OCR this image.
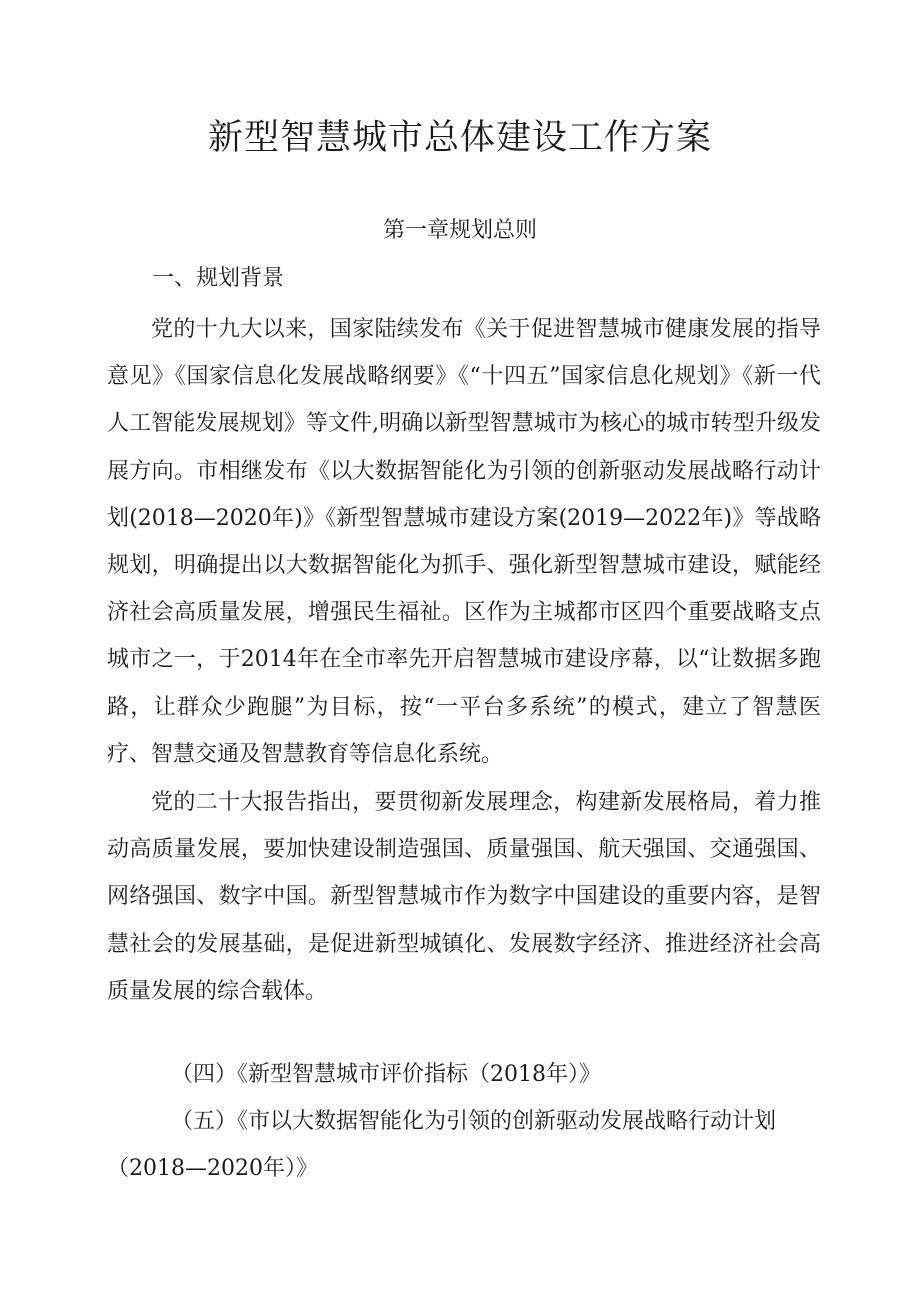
新型智慧城市总体建设工作方案
第一章规划总则
一、规划背景

党的十九大以来，国家陆续发布《关于促进智慧城市健康发展的指导意见》《国家信息化发展战略纲要》《“十四五”国家信息化规划》《新一代人工智能发展规划》等文件,明确以新型智慧城市为核心的城市转型升级发展方向。市相继发布《以大数据智能化为引领的创新驱动发展战略行动计划(2018—2020年)》《新型智慧城市建设方案(2019—2022年)》等战略规划，明确提出以大数据智能化为抓手、强化新型智慧城市建设，赋能经济社会高质量发展，增强民生福祉。区作为主城都市区四个重要战略支点城市之一，于2014年在全市率先开启智慧城市建设序幕，以“让数据多跑路，让群众少跑腿”为目标，按“一平台多系统”的模式，建立了智慧医疗、智慧交通及智慧教育等信息化系统。

党的二十大报告指出，要贯彻新发展理念，构建新发展格局，着力推动高质量发展，要加快建设制造强国、质量强国、航天强国、交通强国、网络强国、数字中国。新型智慧城市作为数字中国建设的重要内容，是智慧社会的发展基础，是促进新型城镇化、发展数字经济、推进经济社会高质量发展的综合载体。

（四）《新型智慧城市评价指标（2018年）》

（五）《市以大数据智能化为引领的创新驱动发展战略行动计划（2018—2020年）》
